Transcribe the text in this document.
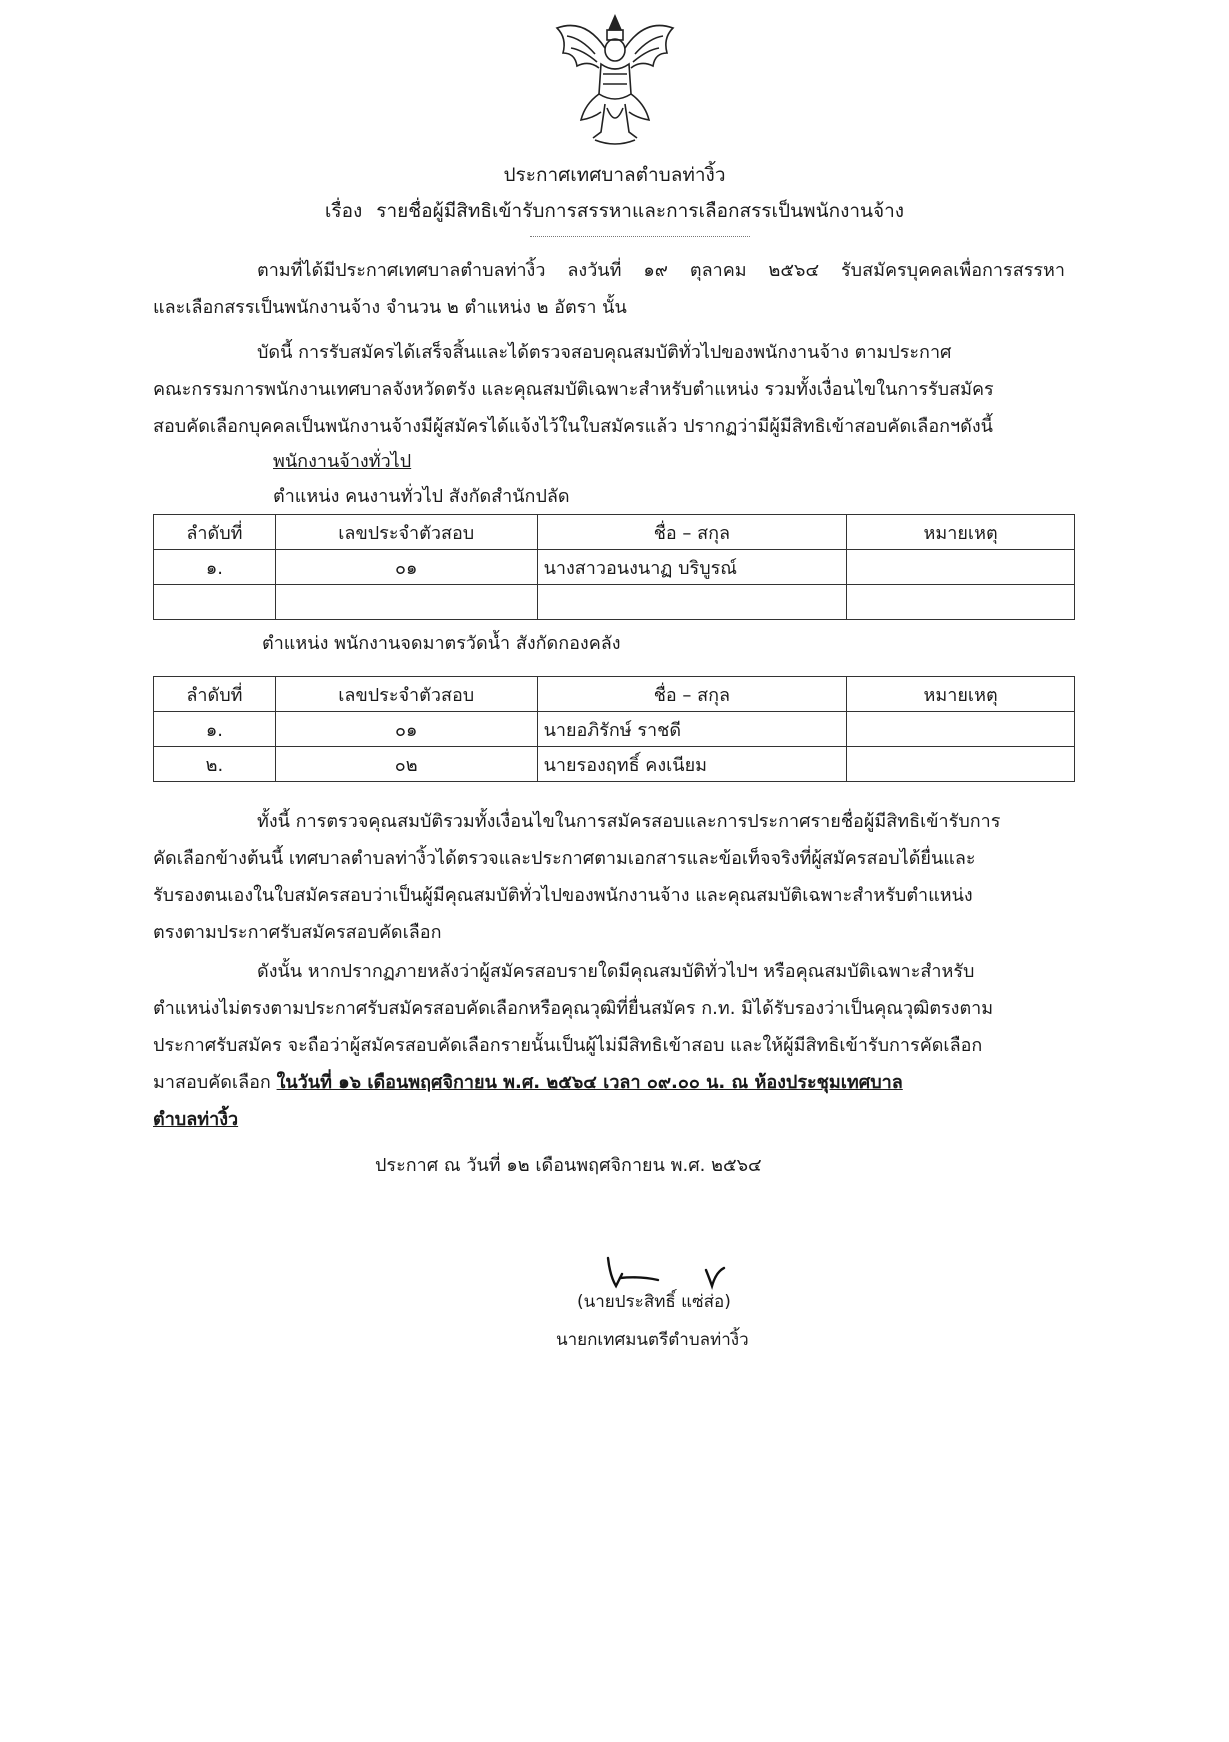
ประกาศเทศบาลตำบลท่างิ้ว
เรื่อง รายชื่อผู้มีสิทธิเข้ารับการสรรหาและการเลือกสรรเป็นพนักงานจ้าง
ตามที่ได้มีประกาศเทศบาลตำบลท่างิ้ว ลงวันที่ ๑๙ ตุลาคม ๒๕๖๔ รับสมัครบุคคลเพื่อการสรรหา
และเลือกสรรเป็นพนักงานจ้าง จำนวน ๒ ตำแหน่ง ๒ อัตรา นั้น
บัดนี้ การรับสมัครได้เสร็จสิ้นและได้ตรวจสอบคุณสมบัติทั่วไปของพนักงานจ้าง ตามประกาศ
คณะกรรมการพนักงานเทศบาลจังหวัดตรัง และคุณสมบัติเฉพาะสำหรับตำแหน่ง รวมทั้งเงื่อนไขในการรับสมัคร
สอบคัดเลือกบุคคลเป็นพนักงานจ้างมีผู้สมัครได้แจ้งไว้ในใบสมัครแล้ว ปรากฏว่ามีผู้มีสิทธิเข้าสอบคัดเลือกฯดังนี้
พนักงานจ้างทั่วไป
ตำแหน่ง คนงานทั่วไป สังกัดสำนักปลัด
ลำดับที่	เลขประจำตัวสอบ	ชื่อ – สกุล	หมายเหตุ
๑.	๐๑	นางสาวอนงนาฏ บริบูรณ์	

ตำแหน่ง พนักงานจดมาตรวัดน้ำ สังกัดกองคลัง
ลำดับที่	เลขประจำตัวสอบ	ชื่อ – สกุล	หมายเหตุ
๑.	๐๑	นายอภิรักษ์ ราชดี	
๒.	๐๒	นายรองฤทธิ์ คงเนียม	
ทั้งนี้ การตรวจคุณสมบัติรวมทั้งเงื่อนไขในการสมัครสอบและการประกาศรายชื่อผู้มีสิทธิเข้ารับการ
คัดเลือกข้างต้นนี้ เทศบาลตำบลท่างิ้วได้ตรวจและประกาศตามเอกสารและข้อเท็จจริงที่ผู้สมัครสอบได้ยื่นและ
รับรองตนเองในใบสมัครสอบว่าเป็นผู้มีคุณสมบัติทั่วไปของพนักงานจ้าง และคุณสมบัติเฉพาะสำหรับตำแหน่ง
ตรงตามประกาศรับสมัครสอบคัดเลือก
ดังนั้น หากปรากฏภายหลังว่าผู้สมัครสอบรายใดมีคุณสมบัติทั่วไปฯ หรือคุณสมบัติเฉพาะสำหรับ
ตำแหน่งไม่ตรงตามประกาศรับสมัครสอบคัดเลือกหรือคุณวุฒิที่ยื่นสมัคร ก.ท. มิได้รับรองว่าเป็นคุณวุฒิตรงตาม
ประกาศรับสมัคร จะถือว่าผู้สมัครสอบคัดเลือกรายนั้นเป็นผู้ไม่มีสิทธิเข้าสอบ และให้ผู้มีสิทธิเข้ารับการคัดเลือก
มาสอบคัดเลือก ในวันที่ ๑๖ เดือนพฤศจิกายน พ.ศ. ๒๕๖๔ เวลา ๐๙.๐๐ น. ณ ห้องประชุมเทศบาล
ตำบลท่างิ้ว
ประกาศ ณ วันที่ ๑๒ เดือนพฤศจิกายน พ.ศ. ๒๕๖๔
(นายประสิทธิ์ แซ่ส่อ)
นายกเทศมนตรีตำบลท่างิ้ว
